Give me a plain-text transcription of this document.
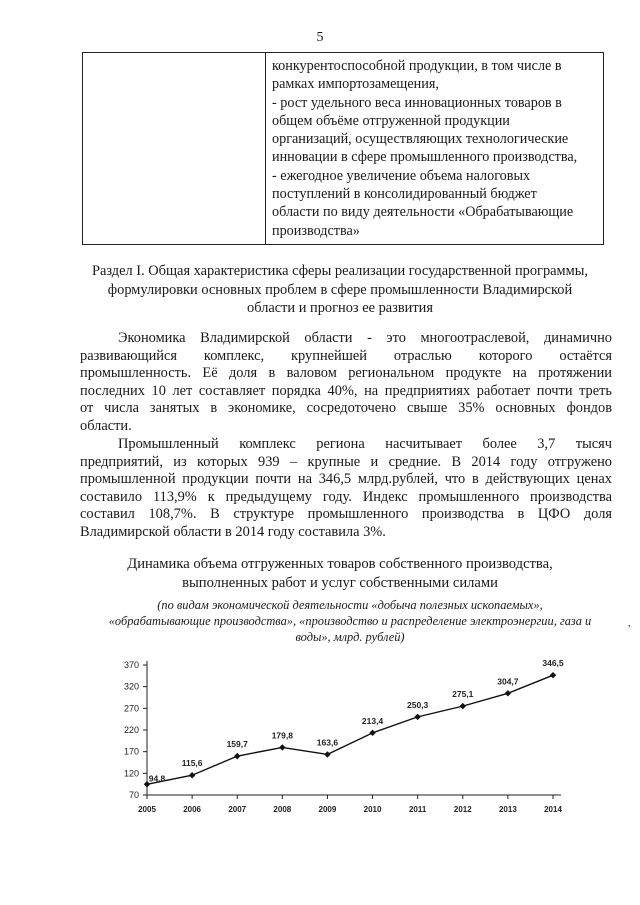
5

конкурентоспособной продукции, в том числе в
рамках импортозамещения,
- рост удельного веса инновационных товаров в
общем объёме отгруженной продукции
организаций, осуществляющих технологические
инновации в сфере промышленного производства,
- ежегодное увеличение объема налоговых
поступлений в консолидированный бюджет
области по виду деятельности «Обрабатывающие
производства»
Раздел I. Общая характеристика сферы реализации государственной программы,
формулировки основных проблем в сфере промышленности Владимирской
области и прогноз ее развития
Экономика Владимирской области - это многоотраслевой, динамично
развивающийся комплекс, крупнейшей отраслью которого остаётся
промышленность. Её доля в валовом региональном продукте на протяжении
последних 10 лет составляет порядка 40%, на предприятиях работает почти треть
от числа занятых в экономике, сосредоточено свыше 35% основных фондов
области.
Промышленный комплекс региона насчитывает более 3,7 тысяч
предприятий, из которых 939 – крупные и средние. В 2014 году отгружено
промышленной продукции почти на 346,5 млрд.рублей, что в действующих ценах
составило 113,9% к предыдущему году. Индекс промышленного производства
составил 108,7%. В структуре промышленного производства в ЦФО доля
Владимирской области в 2014 году составила 3%.
Динамика объема отгруженных товаров собственного производства,
выполненных работ и услуг собственными силами
(по видам экономической деятельности «добыча полезных ископаемых»,
«обрабатывающие производства», «производство и распределение электроэнергии, газа и
воды», млрд. рублей)
,
70
120
170
220
270
320
370
2005	2006	2007	2008	2009	2010	2011	2012	2013	2014
94,8
115,6
159,7
179,8
163,6
213,4
250,3
275,1
304,7
346,5
